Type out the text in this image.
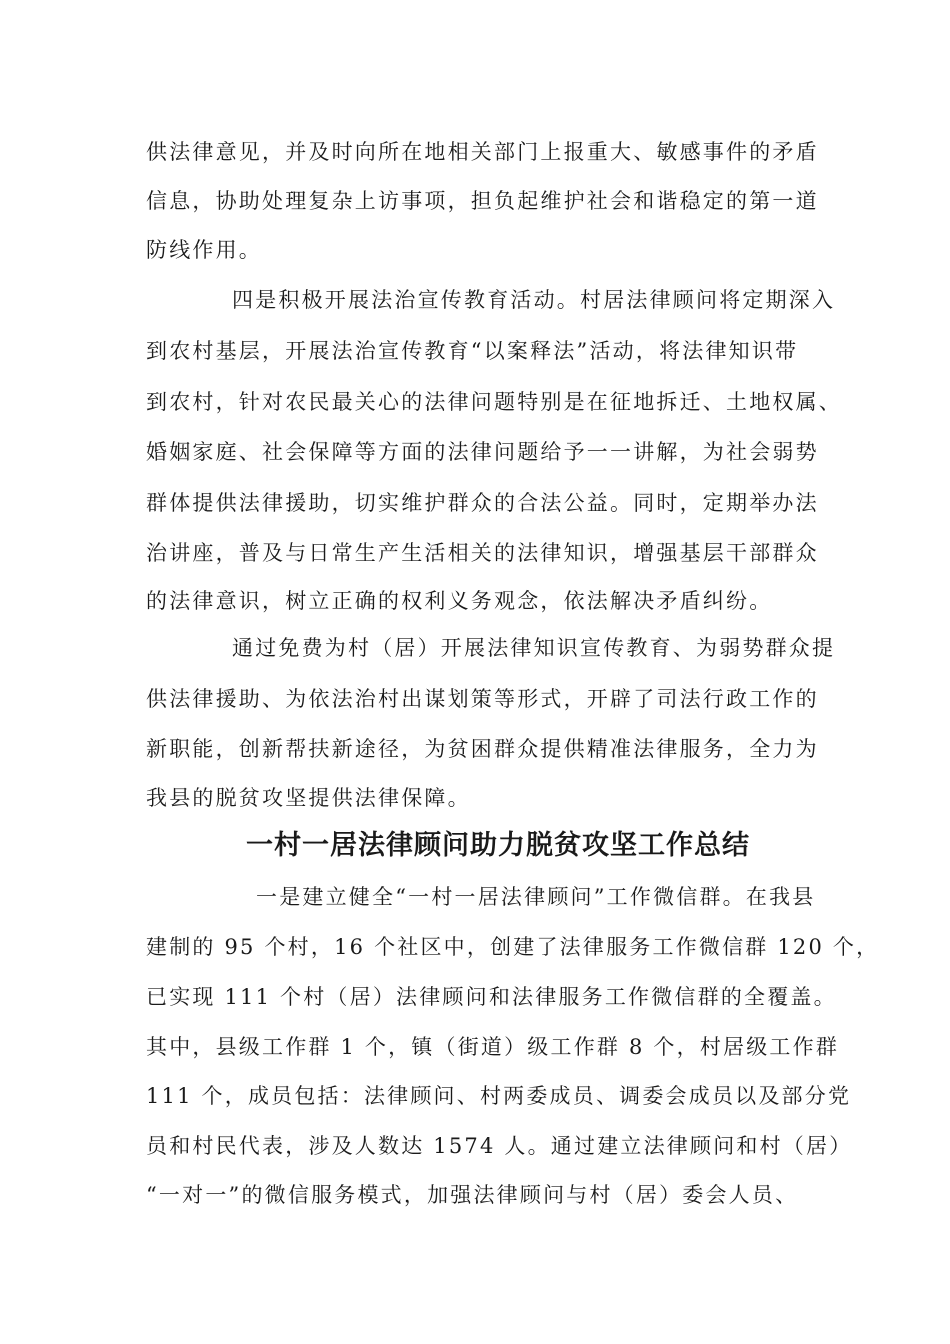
供法律意见，并及时向所在地相关部门上报重大、敏感事件的矛盾
信息，协助处理复杂上访事项，担负起维护社会和谐稳定的第一道
防线作用。
四是积极开展法治宣传教育活动。村居法律顾问将定期深入
到农村基层，开展法治宣传教育“以案释法”活动，将法律知识带
到农村，针对农民最关心的法律问题特别是在征地拆迁、土地权属、
婚姻家庭、社会保障等方面的法律问题给予一一讲解，为社会弱势
群体提供法律援助，切实维护群众的合法公益。同时，定期举办法
治讲座，普及与日常生产生活相关的法律知识，增强基层干部群众
的法律意识，树立正确的权利义务观念，依法解决矛盾纠纷。
通过免费为村（居）开展法律知识宣传教育、为弱势群众提
供法律援助、为依法治村出谋划策等形式，开辟了司法行政工作的
新职能，创新帮扶新途径，为贫困群众提供精准法律服务，全力为
我县的脱贫攻坚提供法律保障。
一村一居法律顾问助力脱贫攻坚工作总结
一是建立健全“一村一居法律顾问”工作微信群。在我县
建制的 95 个村，16 个社区中，创建了法律服务工作微信群 120 个，
已实现 111 个村（居）法律顾问和法律服务工作微信群的全覆盖。
其中，县级工作群 1 个，镇（街道）级工作群 8 个，村居级工作群
111 个，成员包括：法律顾问、村两委成员、调委会成员以及部分党
员和村民代表，涉及人数达 1574 人。通过建立法律顾问和村（居）
“一对一”的微信服务模式，加强法律顾问与村（居）委会人员、
